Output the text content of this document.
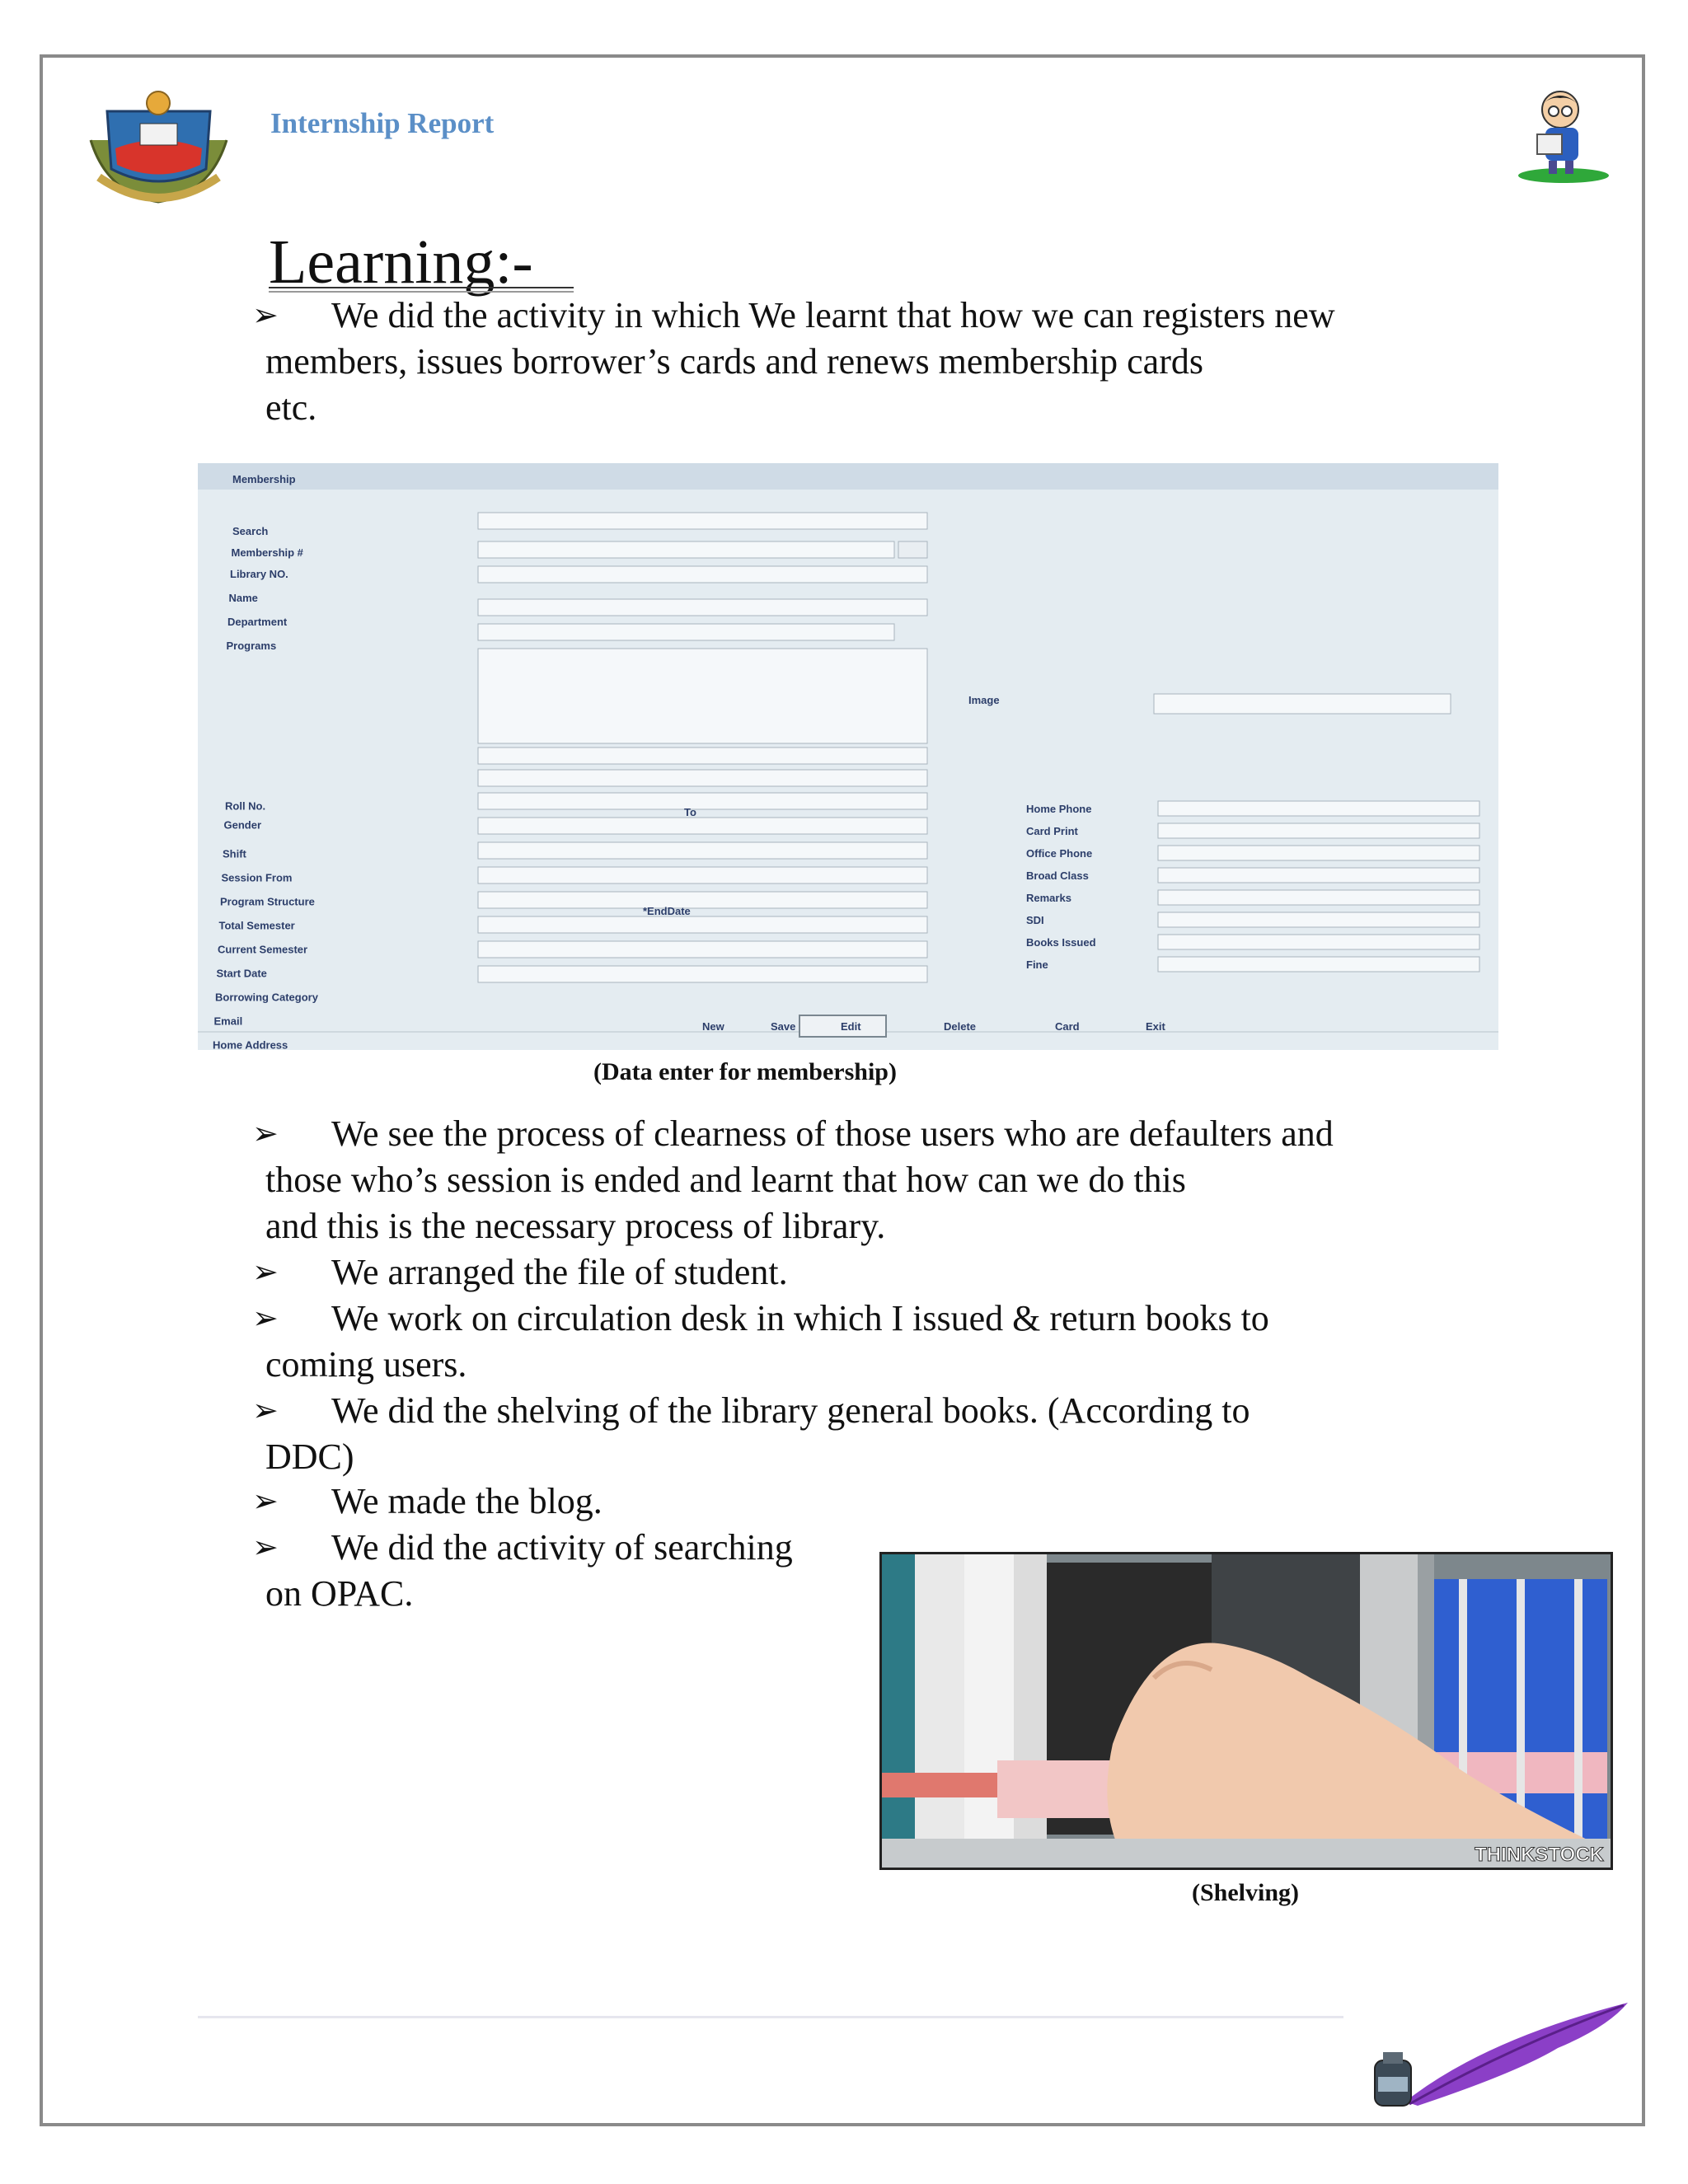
Internship Report
Learning:-
➢	We did the activity in which We learnt that how we can registers new
members, issues borrower’s cards and renews membership cards
etc.
Membership
Search
Membership #
Library NO.
Name
Department
Programs
Roll No.
Gender
Shift
Session From
Program Structure
Total Semester
Current Semester
Start Date
Borrowing Category
Email
Home Address
Home Phone
Card Print
Office Phone
Broad Class
Remarks
SDI
Books Issued
Fine
Image
To
*EndDate
New	Save	Edit	Delete	Card	Exit
(Data enter for membership)
➢	We see the process of clearness of those users who are defaulters and
those who’s session is ended and learnt that how can we do this
and this is the necessary process of library.
➢	We arranged the file of student.
➢	We work on circulation desk in which I issued & return books to
coming users.
➢	We did the shelving of the library general books. (According to
DDC)
➢	We made the blog.
➢	We did the activity of searching
on OPAC.
THINKSTOCK
(Shelving)
